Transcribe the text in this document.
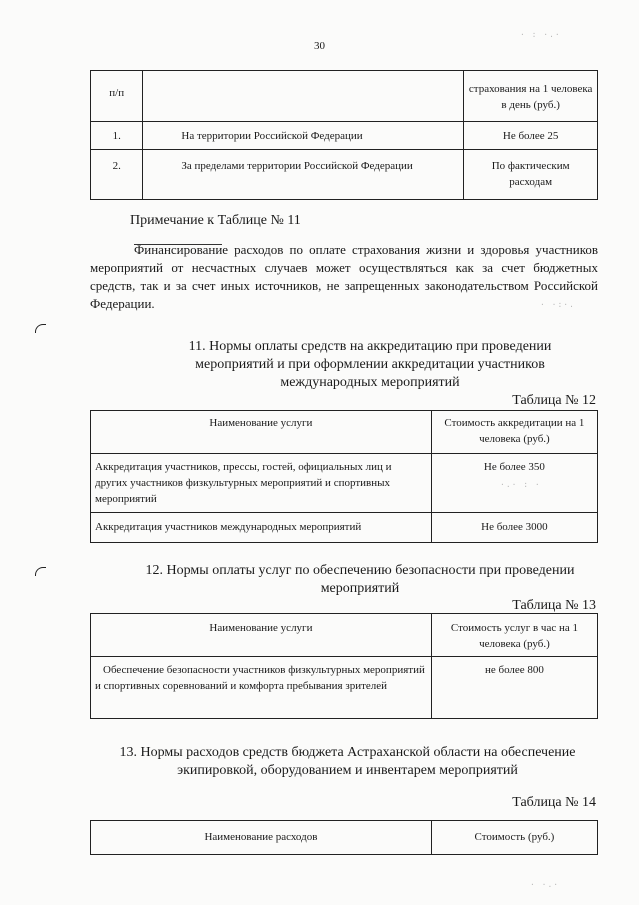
30
п/п		страхования на 1 человека в день (руб.)

1.	На территории Российской Федерации	Не более 25

2.	За пределами территории Российской Федерации	По фактическим расходам
Примечание к Таблице № 11
Финансирование расходов по оплате страхования жизни и здоровья участников мероприятий от несчастных случаев может осуществляться как за счет бюджетных средств, так и за счет иных источников, не запрещенных законодательством Российской Федерации.
11. Нормы оплаты средств на аккредитацию при проведении мероприятий и при оформлении аккредитации участников международных мероприятий
Таблица № 12
Наименование услуги	Стоимость аккредитации на 1 человека (руб.)

Аккредитация участников, прессы, гостей, официальных лиц и других участников физкультурных мероприятий и спортивных мероприятий	Не более 350

Аккредитация участников международных мероприятий	Не более 3000
12. Нормы оплаты услуг по обеспечению безопасности при проведении мероприятий
Таблица № 13
Наименование услуги	Стоимость услуг в час на 1 человека (руб.)

Обеспечение безопасности участников физкультурных мероприятий и спортивных соревнований и комфорта пребывания зрителей	не более 800
13. Нормы расходов средств бюджета Астраханской области на обеспечение экипировкой, оборудованием и инвентарем мероприятий
Таблица № 14
Наименование расходов	Стоимость (руб.)
· : ·.·
· ·:·.
·.· : ·
· ·.·
